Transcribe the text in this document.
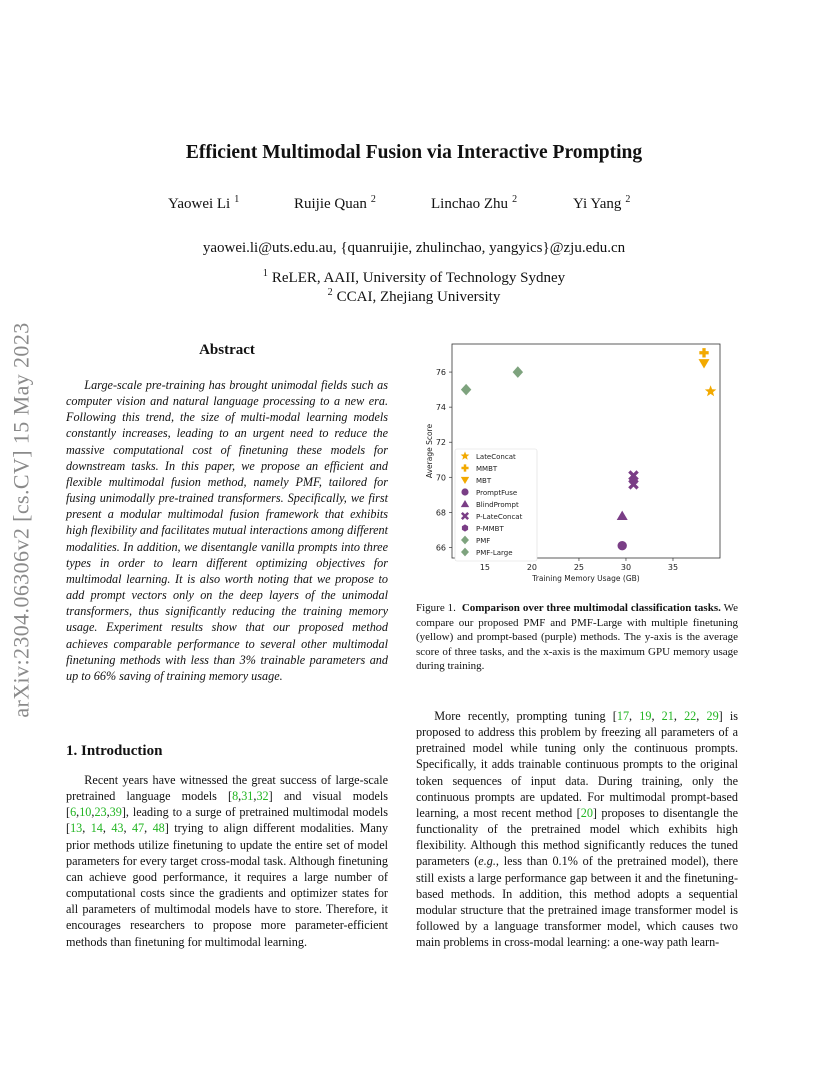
arXiv:2304.06306v2 [cs.CV] 15 May 2023
Efficient Multimodal Fusion via Interactive Prompting
Yaowei Li $^1$	Ruijie Quan $^2$	Linchao Zhu $^2$	Yi Yang $^2$
yaowei.li@uts.edu.au, {quanruijie, zhulinchao, yangyics}@zju.edu.cn
$^1$ ReLER, AAII, University of Technology Sydney
$^2$ CCAI, Zhejiang University
Abstract
Large-scale pre-training has brought unimodal fields such as computer vision and natural language processing to a new era. Following this trend, the size of multi-modal learning models constantly increases, leading to an urgent need to reduce the massive computational cost of finetuning these models for downstream tasks. In this paper, we propose an efficient and flexible multimodal fusion method, namely PMF, tailored for fusing unimodally pre-trained transformers. Specifically, we first present a modular multimodal fusion framework that exhibits high flexibility and facilitates mutual interactions among different modalities. In addition, we disentangle vanilla prompts into three types in order to learn different optimizing objectives for multimodal learning. It is also worth noting that we propose to add prompt vectors only on the deep layers of the unimodal transformers, thus significantly reducing the training memory usage. Experiment results show that our proposed method achieves comparable performance to several other multimodal finetuning methods with less than 3% trainable parameters and up to 66% saving of training memory usage.
1. Introduction
Recent years have witnessed the great success of large-scale pretrained language models [8,31,32] and visual models [6,10,23,39], leading to a surge of pretrained multimodal models [13, 14, 43, 47, 48] trying to align different modalities. Many prior methods utilize finetuning to update the entire set of model parameters for every target cross-modal task. Although finetuning can achieve good performance, it requires a large number of computational costs since the gradients and optimizer states for all parameters of multimodal models have to store. Therefore, it encourages researchers to propose more parameter-efficient methods than finetuning for multimodal learning.
15	20	25	30	35
66
68
70
72
74
76
Training Memory Usage (GB)
Average Score	LateConcat
MMBT
MBT
PromptFuse
BlindPrompt
P-LateConcat
P-MMBT
PMF
PMF-Large
Figure 1. Comparison over three multimodal classification tasks. We compare our proposed PMF and PMF-Large with multiple finetuning (yellow) and prompt-based (purple) methods. The y-axis is the average score of three tasks, and the x-axis is the maximum GPU memory usage during training.
More recently, prompting tuning [17, 19, 21, 22, 29] is proposed to address this problem by freezing all parameters of a pretrained model while tuning only the continuous prompts. Specifically, it adds trainable continuous prompts to the original token sequences of input data. During training, only the continuous prompts are updated. For multimodal prompt-based learning, a most recent method [20] proposes to disentangle the functionality of the pretrained model which exhibits high flexibility. Although this method significantly reduces the tuned parameters (e.g., less than 0.1% of the pretrained model), there still exists a large performance gap between it and the finetuning-based methods. In addition, this method adopts a sequential modular structure that the pretrained image transformer model is followed by a language transformer model, which causes two main problems in cross-modal learning: a one-way path learn-
